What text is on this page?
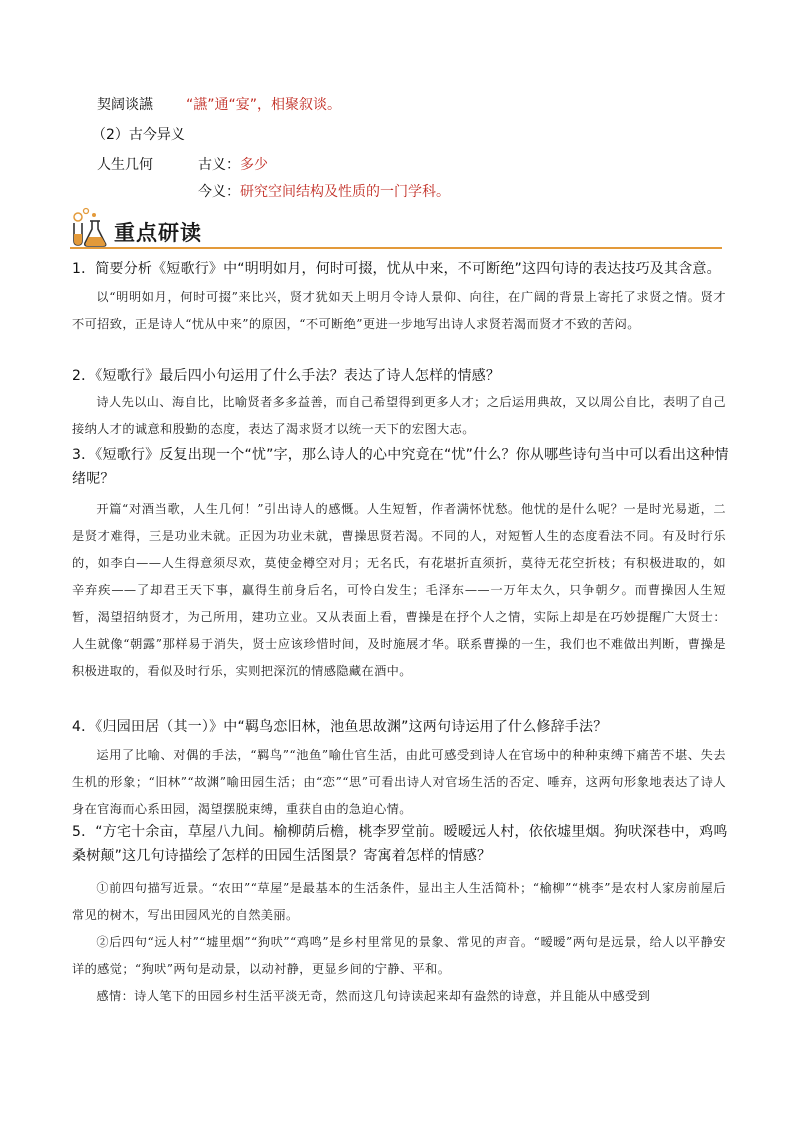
契阔谈讌 “讌”通“宴”，相聚叙谈。
（2）古今异义
人生几何	古义：多少
今义：研究空间结构及性质的一门学科。
重点研读
1．简要分析《短歌行》中“明明如月，何时可掇，忧从中来，不可断绝”这四句诗的表达技巧及其含意。

以“明明如月，何时可掇”来比兴，贤才犹如天上明月令诗人景仰、向往，在广阔的背景上寄托了求贤之情。贤才不可招致，正是诗人“忧从中来”的原因，“不可断绝”更进一步地写出诗人求贤若渴而贤才不致的苦闷。

2．《短歌行》最后四小句运用了什么手法？表达了诗人怎样的情感？

诗人先以山、海自比，比喻贤者多多益善，而自己希望得到更多人才；之后运用典故，又以周公自比，表明了自己接纳人才的诚意和殷勤的态度，表达了渴求贤才以统一天下的宏图大志。

3．《短歌行》反复出现一个“忧”字，那么诗人的心中究竟在“忧”什么？你从哪些诗句当中可以看出这种情绪呢？

开篇“对酒当歌，人生几何！”引出诗人的感慨。人生短暂，作者满怀忧愁。他忧的是什么呢？一是时光易逝，二是贤才难得，三是功业未就。正因为功业未就，曹操思贤若渴。不同的人，对短暂人生的态度看法不同。有及时行乐的，如李白——人生得意须尽欢，莫使金樽空对月；无名氏，有花堪折直须折，莫待无花空折枝；有积极进取的，如辛弃疾——了却君王天下事，赢得生前身后名，可怜白发生；毛泽东——一万年太久，只争朝夕。而曹操因人生短暂，渴望招纳贤才，为己所用，建功立业。又从表面上看，曹操是在抒个人之情，实际上却是在巧妙提醒广大贤士：人生就像“朝露”那样易于消失，贤士应该珍惜时间，及时施展才华。联系曹操的一生，我们也不难做出判断，曹操是积极进取的，看似及时行乐，实则把深沉的情感隐藏在酒中。

4．《归园田居（其一）》中“羁鸟恋旧林，池鱼思故渊”这两句诗运用了什么修辞手法？

运用了比喻、对偶的手法，“羁鸟”“池鱼”喻仕官生活，由此可感受到诗人在官场中的种种束缚下痛苦不堪、失去生机的形象；“旧林”“故渊”喻田园生活；由“恋”“思”可看出诗人对官场生活的否定、唾弃，这两句形象地表达了诗人身在官海而心系田园，渴望摆脱束缚，重获自由的急迫心情。

5．“方宅十余亩，草屋八九间。榆柳荫后檐，桃李罗堂前。暧暧远人村，依依墟里烟。狗吠深巷中，鸡鸣桑树颠”这几句诗描绘了怎样的田园生活图景？寄寓着怎样的情感？

①前四句描写近景。“农田”“草屋”是最基本的生活条件，显出主人生活简朴；“榆柳”“桃李”是农村人家房前屋后常见的树木，写出田园风光的自然美丽。

②后四句“远人村”“墟里烟”“狗吠”“鸡鸣”是乡村里常见的景象、常见的声音。“暧暧”两句是远景，给人以平静安详的感觉；“狗吠”两句是动景，以动衬静，更显乡间的宁静、平和。

感情：诗人笔下的田园乡村生活平淡无奇，然而这几句诗读起来却有盎然的诗意，并且能从中感受到
